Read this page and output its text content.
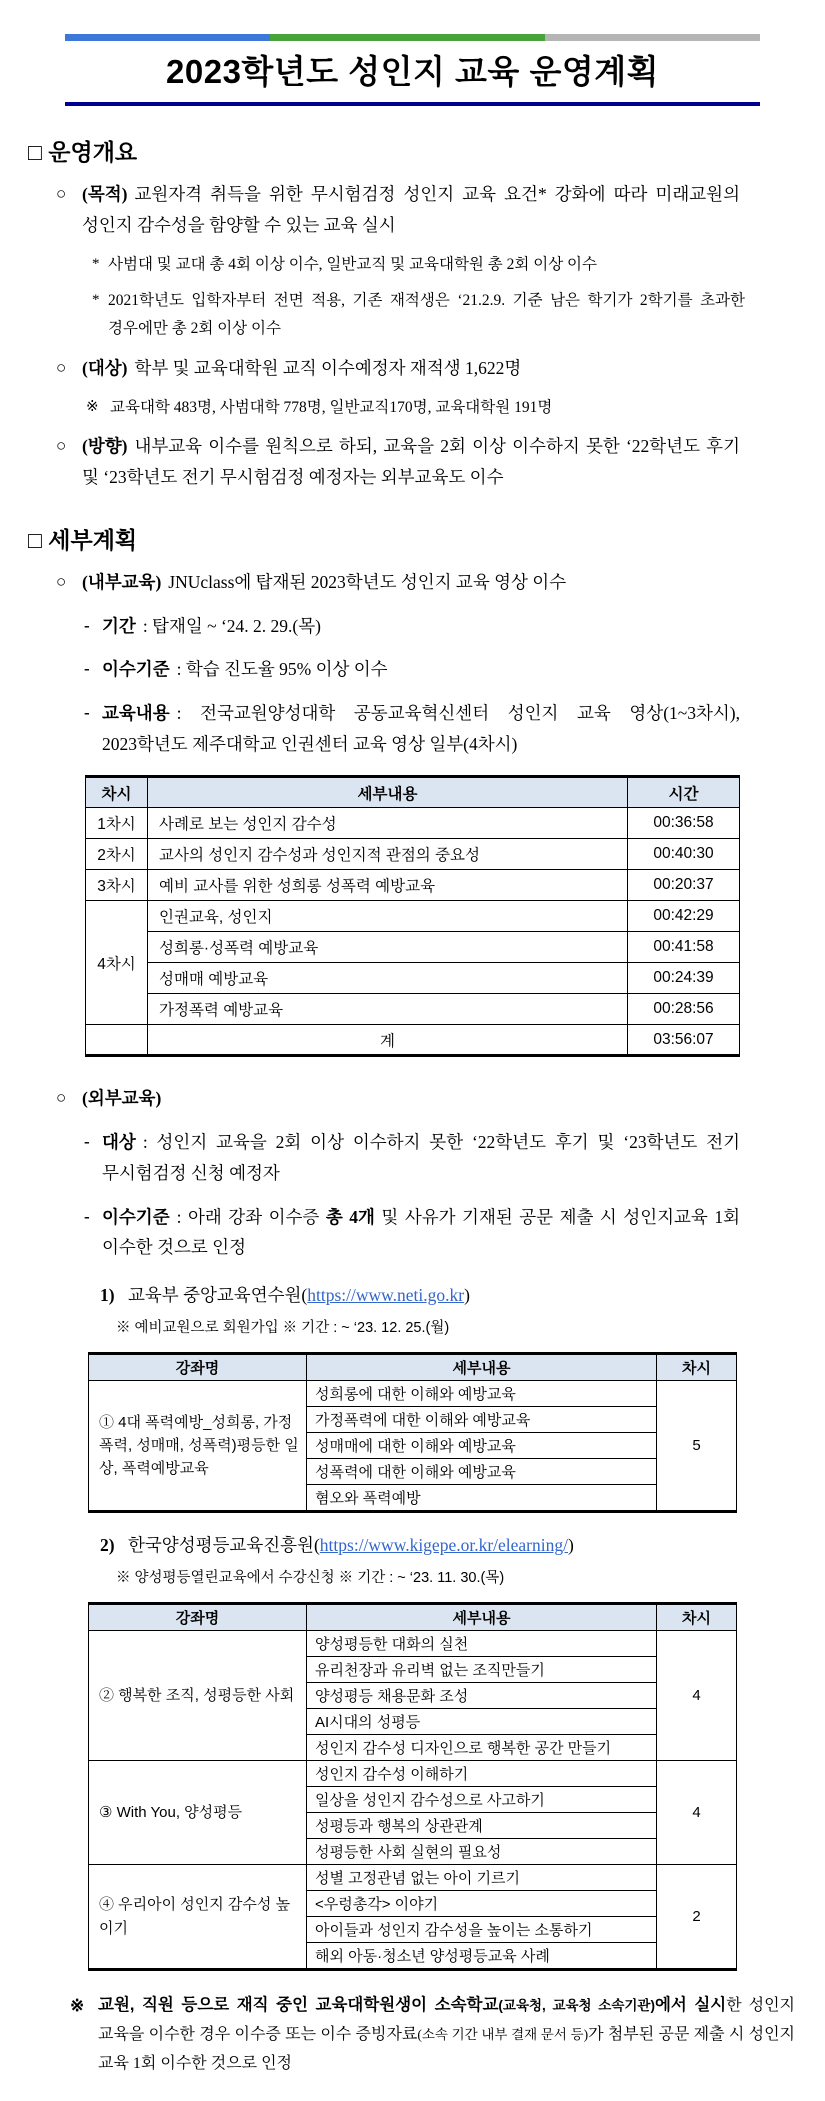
2023학년도 성인지 교육 운영계획
□ 운영개요
○ (목적) 교원자격 취득을 위한 무시험검정 성인지 교육 요건* 강화에 따라 미래교원의 성인지 감수성을 함양할 수 있는 교육 실시

* 사범대 및 교대 총 4회 이상 이수, 일반교직 및 교육대학원 총 2회 이상 이수

* 2021학년도 입학자부터 전면 적용, 기존 재적생은 ‘21.2.9. 기준 남은 학기가 2학기를 초과한 경우에만 총 2회 이상 이수

○ (대상) 학부 및 교육대학원 교직 이수예정자 재적생 1,622명

※ 교육대학 483명, 사범대학 778명, 일반교직170명, 교육대학원 191명

○ (방향) 내부교육 이수를 원칙으로 하되, 교육을 2회 이상 이수하지 못한 ‘22학년도 후기 및 ‘23학년도 전기 무시험검정 예정자는 외부교육도 이수

□ 세부계획
○ (내부교육) JNUclass에 탑재된 2023학년도 성인지 교육 영상 이수

- 기간 : 탑재일 ~ ‘24. 2. 29.(목)

- 이수기준 : 학습 진도율 95% 이상 이수

- 교육내용 : 전국교원양성대학 공동교육혁신센터 성인지 교육 영상(1~3차시), 2023학년도 제주대학교 인권센터 교육 영상 일부(4차시)

차시	세부내용	시간
1차시	사례로 보는 성인지 감수성	00:36:58
2차시	교사의 성인지 감수성과 성인지적 관점의 중요성	00:40:30
3차시	예비 교사를 위한 성희롱 성폭력 예방교육	00:20:37
4차시	인권교육, 성인지	00:42:29
	성희롱·성폭력 예방교육	00:41:58
	성매매 예방교육	00:24:39
	가정폭력 예방교육	00:28:56
	계	03:56:07
○ (외부교육)

- 대상 : 성인지 교육을 2회 이상 이수하지 못한 ‘22학년도 후기 및 ‘23학년도 전기 무시험검정 신청 예정자

- 이수기준 : 아래 강좌 이수증 총 4개 및 사유가 기재된 공문 제출 시 성인지교육 1회 이수한 것으로 인정

1) 교육부 중앙교육연수원(https://www.neti.go.kr)

※ 예비교원으로 회원가입 ※ 기간 : ~ ‘23. 12. 25.(월)

강좌명	세부내용	차시
① 4대 폭력예방_성희롱, 가정폭력, 성매매, 성폭력)평등한 일상, 폭력예방교육	성희롱에 대한 이해와 예방교육	5
	가정폭력에 대한 이해와 예방교육	
	성매매에 대한 이해와 예방교육	
	성폭력에 대한 이해와 예방교육	
	혐오와 폭력예방	
2) 한국양성평등교육진흥원(https://www.kigepe.or.kr/elearning/)

※ 양성평등열린교육에서 수강신청 ※ 기간 : ~ ‘23. 11. 30.(목)

강좌명	세부내용	차시
② 행복한 조직, 성평등한 사회	양성평등한 대화의 실천	4
	유리천장과 유리벽 없는 조직만들기	
	양성평등 채용문화 조성	
	AI시대의 성평등	
	성인지 감수성 디자인으로 행복한 공간 만들기	
③ With You, 양성평등	성인지 감수성 이해하기	4
	일상을 성인지 감수성으로 사고하기	
	성평등과 행복의 상관관계	
	성평등한 사회 실현의 필요성	
④ 우리아이 성인지 감수성 높이기	성별 고정관념 없는 아이 기르기	2
	<우렁총각> 이야기	
	아이들과 성인지 감수성을 높이는 소통하기	
	해외 아동·청소년 양성평등교육 사례	
※ 교원, 직원 등으로 재직 중인 교육대학원생이 소속학교(교육청, 교육청 소속기관)에서 실시한 성인지 교육을 이수한 경우 이수증 또는 이수 증빙자료(소속 기간 내부 결재 문서 등)가 첨부된 공문 제출 시 성인지 교육 1회 이수한 것으로 인정
